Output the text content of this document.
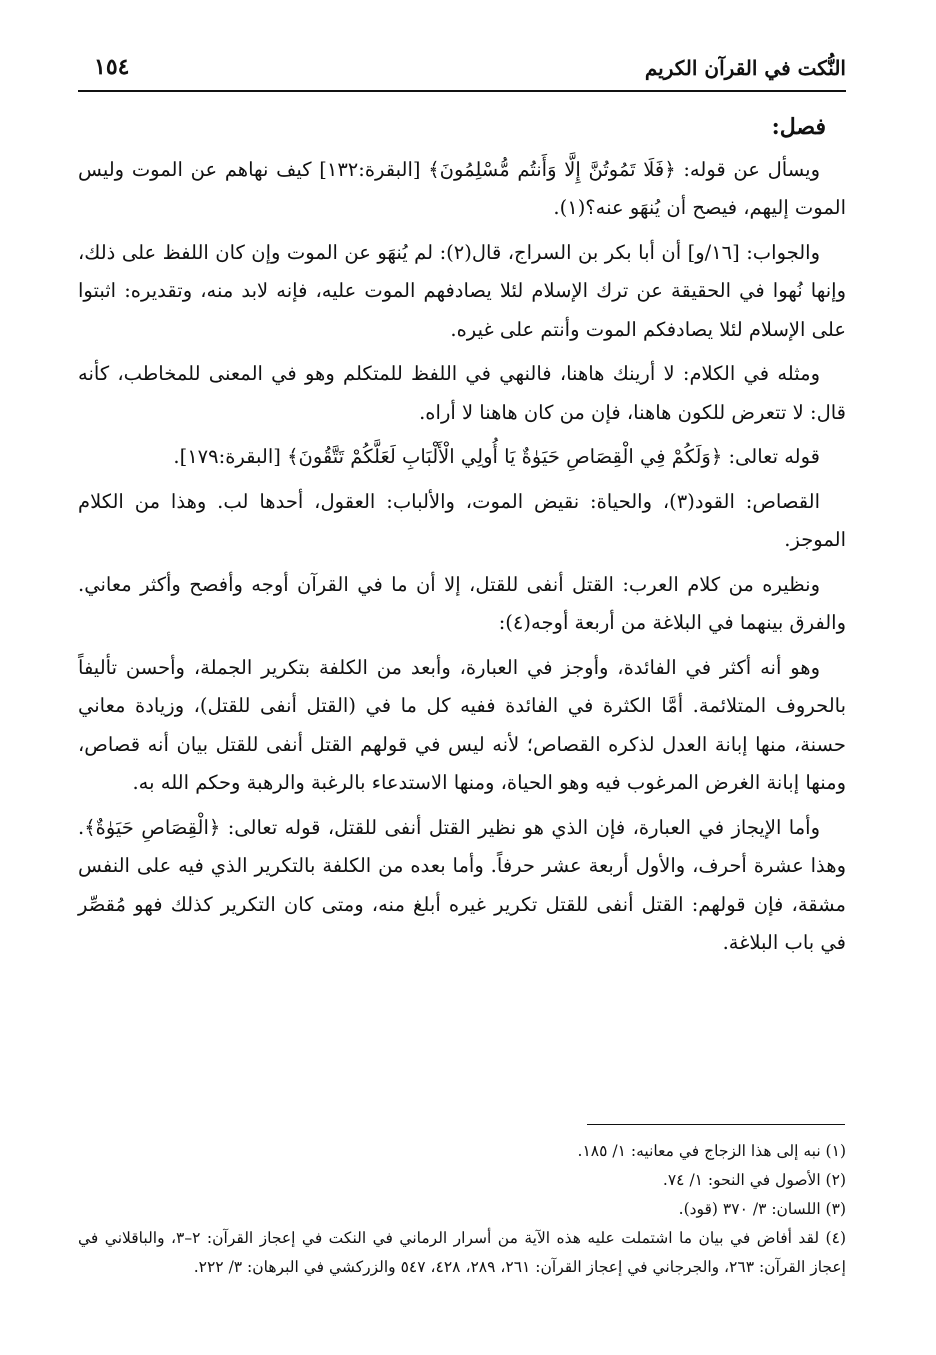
١٥٤	النُّكت في القرآن الكريم
فصل:

ويسأل عن قوله: ﴿فَلَا تَمُوتُنَّ إِلَّا وَأَنتُم مُّسْلِمُونَ﴾ [البقرة:١٣٢] كيف نهاهم عن الموت وليس الموت إليهم، فيصح أن يُنهَو عنه؟(١).

والجواب: [١٦/و] أن أبا بكر بن السراج، قال(٢): لم يُنهَو عن الموت وإن كان اللفظ على ذلك، وإنها نُهوا في الحقيقة عن ترك الإسلام لئلا يصادفهم الموت عليه، فإنه لابد منه، وتقديره: اثبتوا على الإسلام لئلا يصادفكم الموت وأنتم على غيره.

ومثله في الكلام: لا أرينك هاهنا، فالنهي في اللفظ للمتكلم وهو في المعنى للمخاطب، كأنه قال: لا تتعرض للكون هاهنا، فإن من كان هاهنا لا أراه.

قوله تعالى: ﴿وَلَكُمْ فِي الْقِصَاصِ حَيَوٰةٌ يَا أُولِي الْأَلْبَابِ لَعَلَّكُمْ تَتَّقُونَ﴾ [البقرة:١٧٩].

القصاص: القود(٣)، والحياة: نقيض الموت، والألباب: العقول، أحدها لب. وهذا من الكلام الموجز.

ونظيره من كلام العرب: القتل أنفى للقتل، إلا أن ما في القرآن أوجه وأفصح وأكثر معاني. والفرق بينهما في البلاغة من أربعة أوجه(٤):

وهو أنه أكثر في الفائدة، وأوجز في العبارة، وأبعد من الكلفة بتكرير الجملة، وأحسن تأليفاً بالحروف المتلائمة. أمَّا الكثرة في الفائدة ففيه كل ما في (القتل أنفى للقتل)، وزيادة معاني حسنة، منها إبانة العدل لذكره القصاص؛ لأنه ليس في قولهم القتل أنفى للقتل بيان أنه قصاص، ومنها إبانة الغرض المرغوب فيه وهو الحياة، ومنها الاستدعاء بالرغبة والرهبة وحكم الله به.

وأما الإيجاز في العبارة، فإن الذي هو نظير القتل أنفى للقتل، قوله تعالى: ﴿الْقِصَاصِ حَيَوٰةٌ﴾. وهذا عشرة أحرف، والأول أربعة عشر حرفاً. وأما بعده من الكلفة بالتكرير الذي فيه على النفس مشقة، فإن قولهم: القتل أنفى للقتل تكرير غيره أبلغ منه، ومتى كان التكرير كذلك فهو مُقصِّر في باب البلاغة.

(١) نبه إلى هذا الزجاج في معانيه: ١/ ١٨٥.

(٢) الأصول في النحو: ١/ ٧٤.

(٣) اللسان: ٣/ ٣٧٠ (قود).

(٤) لقد أفاض في بيان ما اشتملت عليه هذه الآية من أسرار الرماني في النكت في إعجاز القرآن: ٢–٣، والباقلاني في إعجاز القرآن: ٢٦٣، والجرجاني في إعجاز القرآن: ٢٦١، ٢٨٩، ٤٢٨، ٥٤٧ والزركشي في البرهان: ٣/ ٢٢٢.
